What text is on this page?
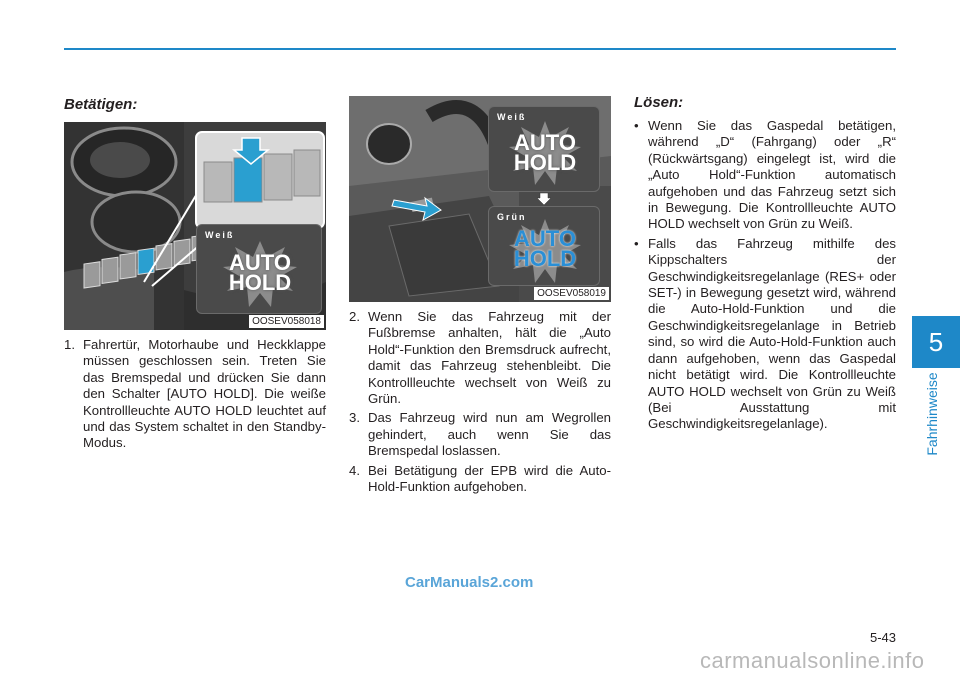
5
Fahrhinweise
Betätigen:
Weiß
AUTO
HOLD
OOSEV058018
1. Fahrertür, Motorhaube und Heckklappe müssen geschlossen sein. Treten Sie das Bremspedal und drücken Sie dann den Schalter [AUTO HOLD]. Die weiße Kontrollleuchte AUTO HOLD leuchtet auf und das System schaltet in den Standby-Modus.
Weiß
AUTO
HOLD
Grün
AUTO
HOLD
OOSEV058019
2. Wenn Sie das Fahrzeug mit der Fußbremse anhalten, hält die „Auto Hold“-Funktion den Bremsdruck aufrecht, damit das Fahrzeug stehenbleibt. Die Kontrollleuchte wechselt von Weiß zu Grün.
3. Das Fahrzeug wird nun am Wegrollen gehindert, auch wenn Sie das Bremspedal loslassen.
4. Bei Betätigung der EPB wird die Auto-Hold-Funktion aufgehoben.
Lösen:
• Wenn Sie das Gaspedal betätigen, während „D“ (Fahrgang) oder „R“ (Rückwärtsgang) eingelegt ist, wird die „Auto Hold“-Funktion automatisch aufgehoben und das Fahrzeug setzt sich in Bewegung. Die Kontrollleuchte AUTO HOLD wechselt von Grün zu Weiß.
• Falls das Fahrzeug mithilfe des Kippschalters der Geschwindigkeitsregelanlage (RES+ oder SET-) in Bewegung gesetzt wird, während die Auto-Hold-Funktion und die Geschwindigkeitsregelanlage in Betrieb sind, so wird die Auto-Hold-Funktion auch dann aufgehoben, wenn das Gaspedal nicht betätigt wird. Die Kontrollleuchte AUTO HOLD wechselt von Grün zu Weiß (Bei Ausstattung mit Geschwindigkeitsregelanlage).
CarManuals2.com
5-43
carmanualsonline.info
